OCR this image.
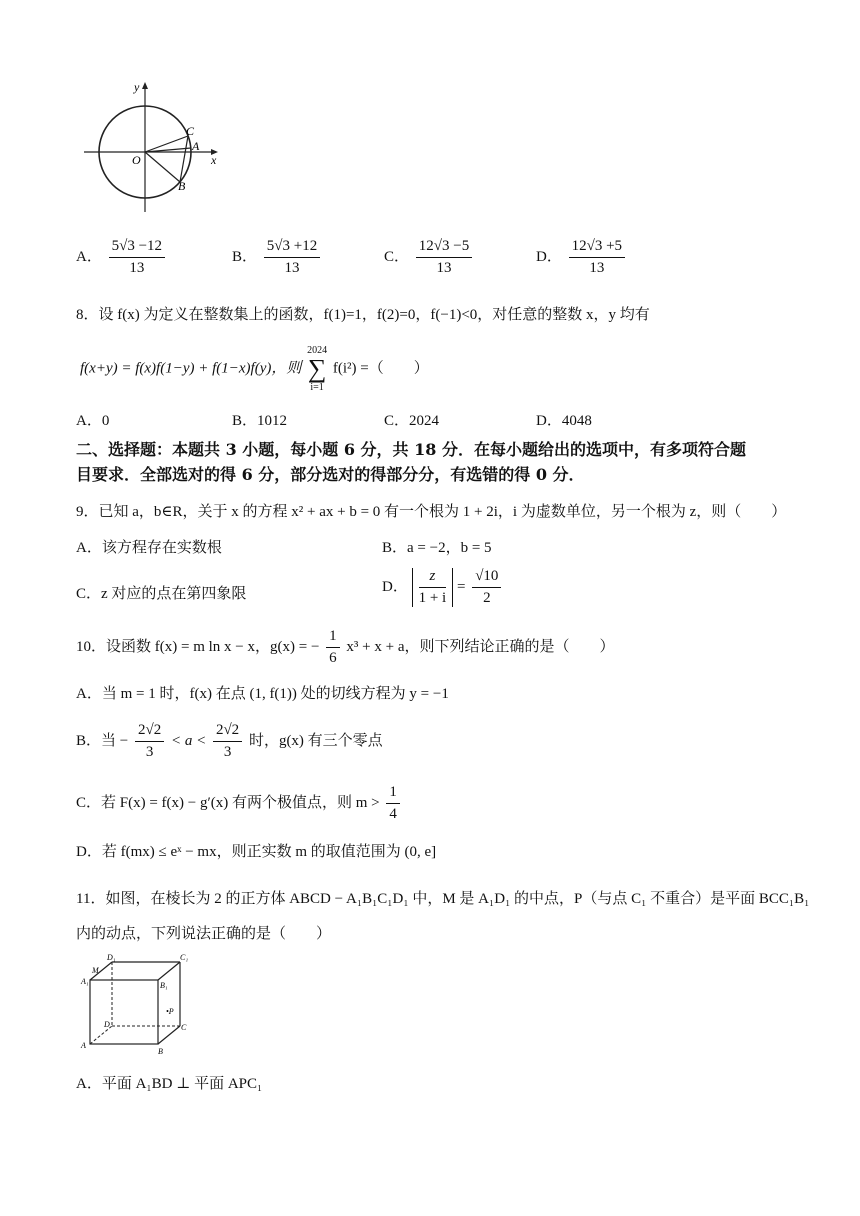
y
x
O
C
A
B
A． $\frac{5√3 -12}{13}$	B． $\frac{5√3 +12}{13}$	C． $\frac{12√3 -5}{13}$	D． $\frac{12√3 +5}{13}$
8．设 f(x) 为定义在整数集上的函数，f(1)=1，f(2)=0，f(−1)<0，对任意的整数 x，y 均有
f(x+y) = f(x)f(1−y) + f(1−x)f(y)，则
2024
∑
i=1
f(i²) =（　　）
A．0	B．1012	C．2024	D．4048
二、选择题：本题共 3 小题，每小题 6 分，共 18 分．在每小题给出的选项中，有多项符合题
目要求．全部选对的得 6 分，部分选对的得部分分，有选错的得 0 分．
9．已知 a，b∈R，关于 x 的方程 x² + ax + b = 0 有一个根为 1 + 2i，i 为虚数单位，另一个根为 z，则（　　）
A．该方程存在实数根	B．a = −2，b = 5
C．z 对应的点在第四象限	D． $\frac{z}{1 + i} = \frac{√10}{2}$
10．设函数 f(x) = m ln x − x，g(x) = − $\frac{1}{6} x^3 + x + a$，则下列结论正确的是（　　）
A．当 m = 1 时，f(x) 在点 (1, f(1)) 处的切线方程为 y = −1
B．当 − $\frac{2√2}{3} < a < \frac{2√2}{3}$ 时，g(x) 有三个零点
C．若 F(x) = f(x) − g′(x) 有两个极值点，则 $m > \frac{1}{4}$
D．若 f(mx) ≤ eˣ − mx，则正实数 m 的取值范围为 (0, e]
11．如图，在棱长为 2 的正方体 ABCD − A₁B₁C₁D₁ 中，M 是 A₁D₁ 的中点，P（与点 C₁ 不重合）是平面 BCC₁B₁
内的动点，下列说法正确的是（　　）
D₁	C₁
M
A₁	B₁
D	C
A
B
•P
A．平面 A₁BD ⊥ 平面 APC₁
